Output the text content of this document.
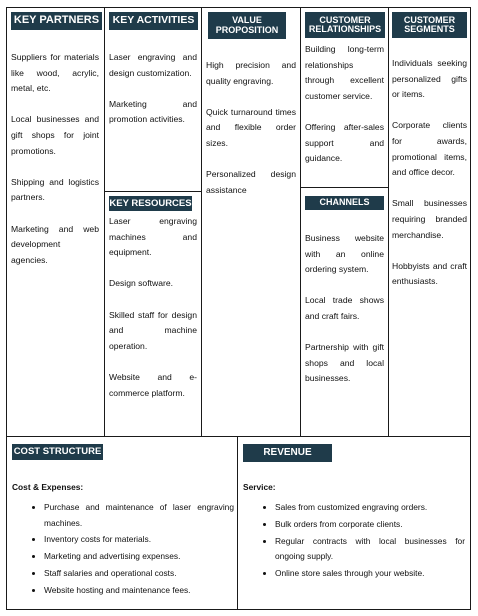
KEY PARTNERS

Suppliers for materials like wood, acrylic, metal, etc.

Local businesses and gift shops for joint promotions.

Shipping and logistics partners.

Marketing and web development agencies.

KEY ACTIVITIES

Laser engraving and design customization.

Marketing and promotion activities.

KEY RESOURCES

Laser engraving machines and equipment.

Design software.

Skilled staff for design and machine operation.

Website and e-commerce platform.

VALUE
PROPOSITION

High precision and quality engraving.

Quick turnaround times and flexible order sizes.

Personalized design assistance

CUSTOMER
RELATIONSHIPS

Building long-term relationships through excellent customer service.

Offering after-sales support and guidance.

CHANNELS

Business website with an online ordering system.

Local trade shows and craft fairs.

Partnership with gift shops and local businesses.

CUSTOMER
SEGMENTS

Individuals seeking personalized gifts or items.

Corporate clients for awards, promotional items, and office decor.

Small businesses requiring branded merchandise.

Hobbyists and craft enthusiasts.

COST STRUCTURE

Cost & Expenses:

• Purchase and maintenance of laser engraving machines.
• Inventory costs for materials.
• Marketing and advertising expenses.
• Staff salaries and operational costs.
• Website hosting and maintenance fees.
REVENUE

Service:

• Sales from customized engraving orders.
• Bulk orders from corporate clients.
• Regular contracts with local businesses for ongoing supply.
• Online store sales through your website.
